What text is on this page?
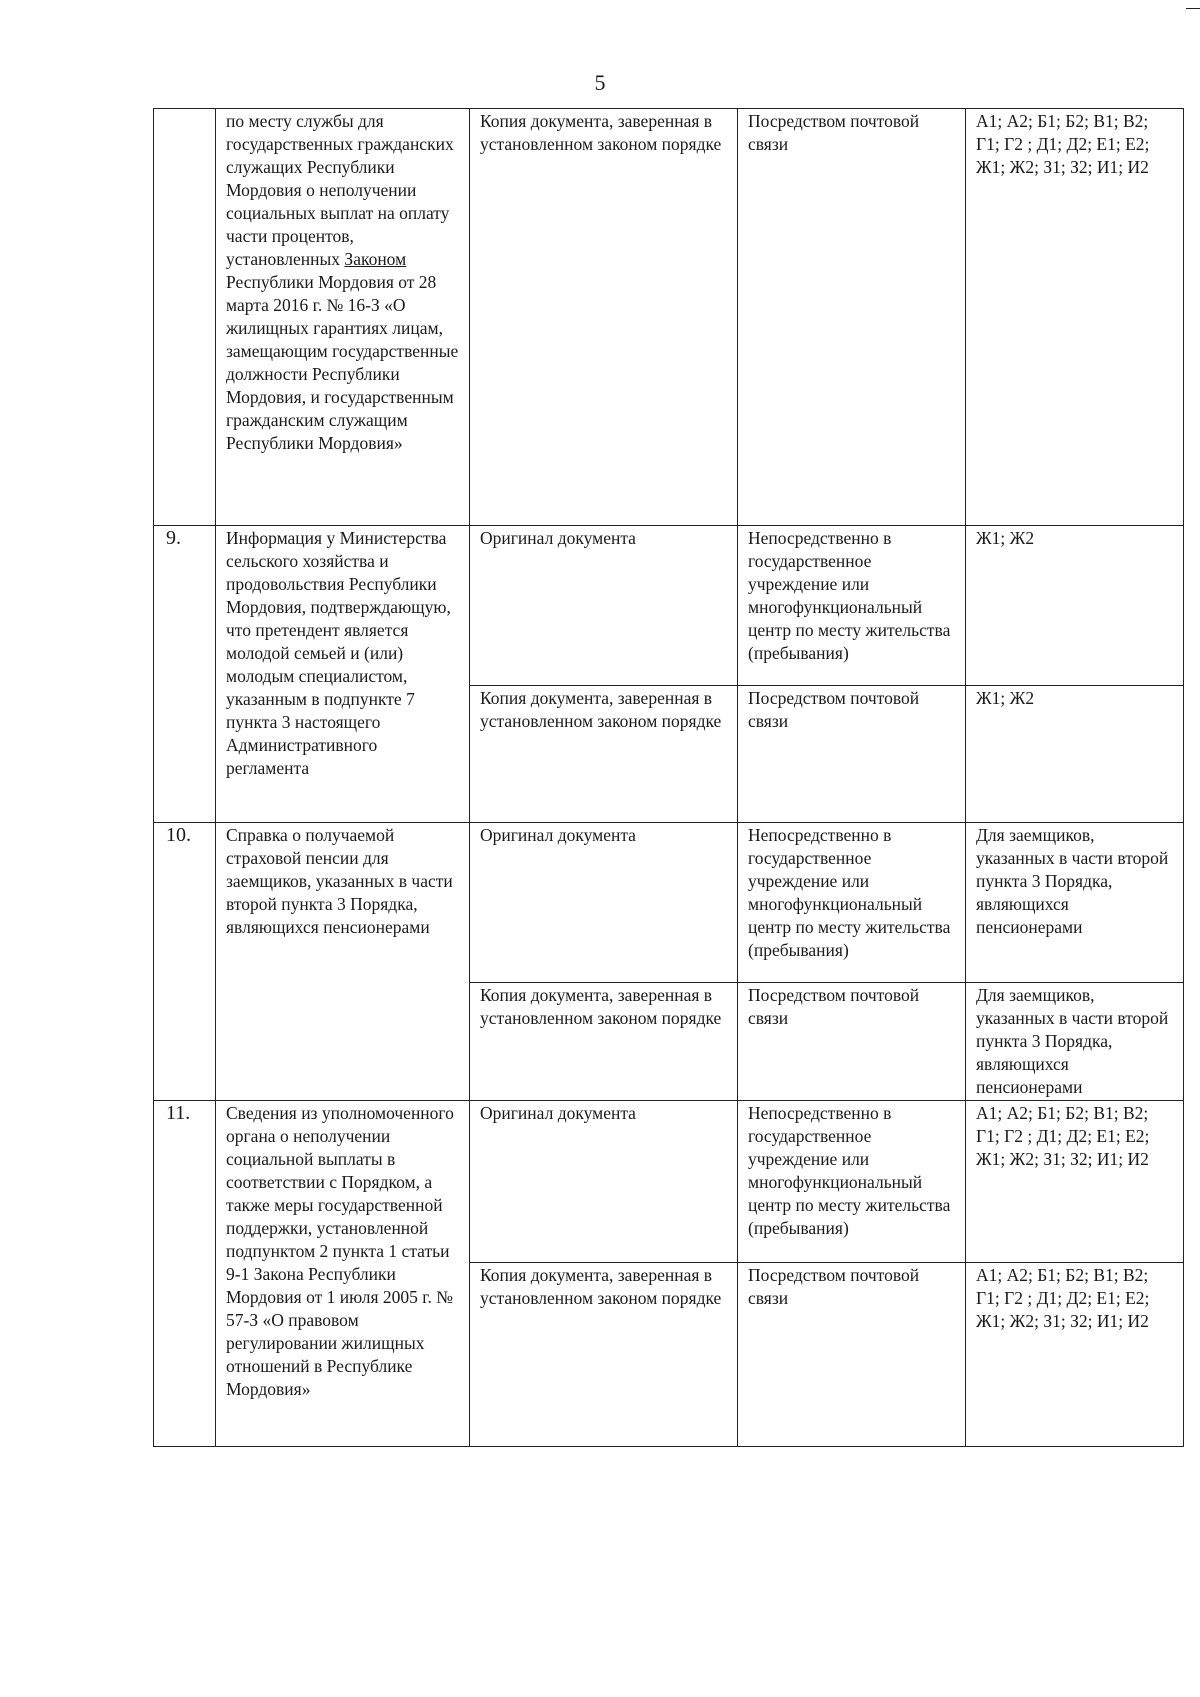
5
	по месту службы для государственных гражданских служащих Республики Мордовия о неполучении социальных выплат на оплату части процентов, установленных Законом Республики Мордовия от 28 марта 2016 г. № 16-З «О жилищных гарантиях лицам, замещающим государственные должности Республики Мордовия, и государственным гражданским служащим Республики Мордовия»	Копия документа, заверенная в установленном законом порядке	Посредством почтовой связи	А1; А2; Б1; Б2; В1; В2; Г1; Г2 ; Д1; Д2; Е1; Е2; Ж1; Ж2; З1; З2; И1; И2
9.	Информация у Министерства сельского хозяйства и продовольствия Республики Мордовия, подтверждающую, что претендент является молодой семьей и (или) молодым специалистом, указанным в подпункте 7 пункта 3 настоящего Административного регламента	Оригинал документа	Непосредственно в государственное учреждение или многофункциональный центр по месту жительства (пребывания)	Ж1; Ж2
		Копия документа, заверенная в установленном законом порядке	Посредством почтовой связи	Ж1; Ж2
10.	Справка о получаемой страховой пенсии для заемщиков, указанных в части второй пункта 3 Порядка, являющихся пенсионерами	Оригинал документа	Непосредственно в государственное учреждение или многофункциональный центр по месту жительства (пребывания)	Для заемщиков, указанных в части второй пункта 3 Порядка, являющихся пенсионерами
		Копия документа, заверенная в установленном законом порядке	Посредством почтовой связи	Для заемщиков, указанных в части второй пункта 3 Порядка, являющихся пенсионерами
11.	Сведения из уполномоченного органа о неполучении социальной выплаты в соответствии с Порядком, а также меры государственной поддержки, установленной подпунктом 2 пункта 1 статьи 9-1 Закона Республики Мордовия от 1 июля 2005 г. № 57-З «О правовом регулировании жилищных отношений в Республике Мордовия»	Оригинал документа	Непосредственно в государственное учреждение или многофункциональный центр по месту жительства (пребывания)	А1; А2; Б1; Б2; В1; В2; Г1; Г2 ; Д1; Д2; Е1; Е2; Ж1; Ж2; З1; З2; И1; И2
		Копия документа, заверенная в установленном законом порядке	Посредством почтовой связи	А1; А2; Б1; Б2; В1; В2; Г1; Г2 ; Д1; Д2; Е1; Е2; Ж1; Ж2; З1; З2; И1; И2
